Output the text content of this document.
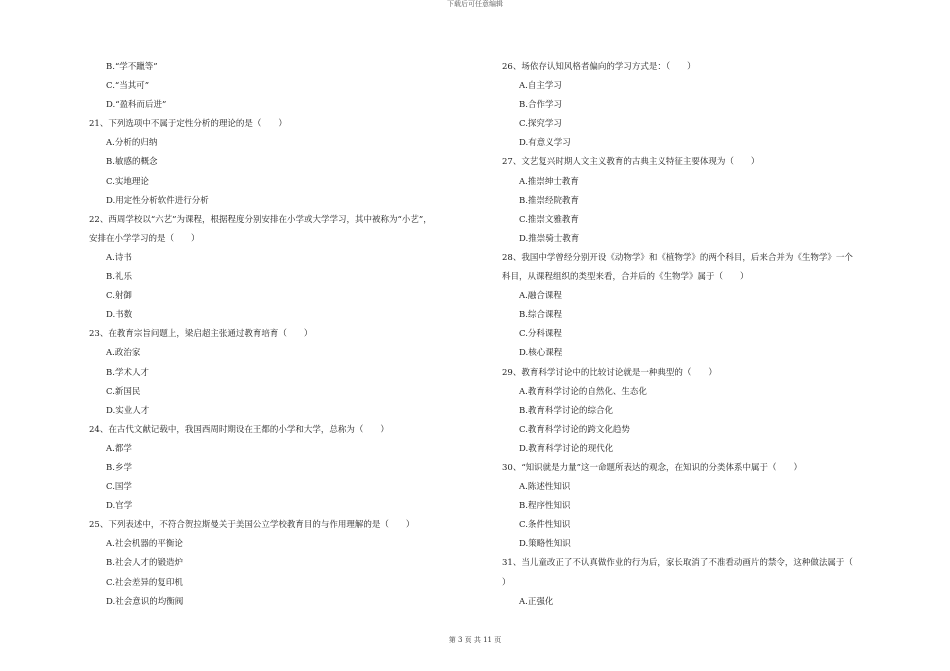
下载后可任意编辑
B.“学不躐等”
C.“当其可”
D.“盈科而后进”
21、下列选项中不属于定性分析的理论的是（　　）
A.分析的归纳
B.敏感的概念
C.实地理论
D.用定性分析软件进行分析
22、西周学校以“六艺”为课程，根据程度分别安排在小学或大学学习，其中被称为“小艺”，
安排在小学学习的是（　　）
A.诗书
B.礼乐
C.射御
D.书数
23、在教育宗旨问题上，梁启超主张通过教育培育（　　）
A.政治家
B.学术人才
C.新国民
D.实业人才
24、在古代文献记载中，我国西周时期设在王都的小学和大学，总称为（　　）
A.都学
B.乡学
C.国学
D.官学
25、下列表述中，不符合贺拉斯曼关于美国公立学校教育目的与作用理解的是（　　）
A.社会机器的平衡论
B.社会人才的锻造炉
C.社会差异的复印机
D.社会意识的均衡阀
26、场依存认知风格者偏向的学习方式是：（　　）
A.自主学习
B.合作学习
C.探究学习
D.有意义学习
27、文艺复兴时期人文主义教育的古典主义特征主要体现为（　　）
A.推崇绅士教育
B.推崇经院教育
C.推崇文雅教育
D.推崇骑士教育
28、我国中学曾经分别开设《动物学》和《植物学》的两个科目，后来合并为《生物学》一个
科目，从课程组织的类型来看，合并后的《生物学》属于（　　）
A.融合课程
B.综合课程
C.分科课程
D.核心课程
29、教育科学讨论中的比较讨论就是一种典型的（　　）
A.教育科学讨论的自然化、生态化
B.教育科学讨论的综合化
C.教育科学讨论的跨文化趋势
D.教育科学讨论的现代化
30、“知识就是力量”这一命题所表达的观念，在知识的分类体系中属于（　　）
A.陈述性知识
B.程序性知识
C.条件性知识
D.策略性知识
31、当儿童改正了不认真做作业的行为后，家长取消了不准看动画片的禁令，这种做法属于（
）
A.正强化
第 3 页 共 11 页
